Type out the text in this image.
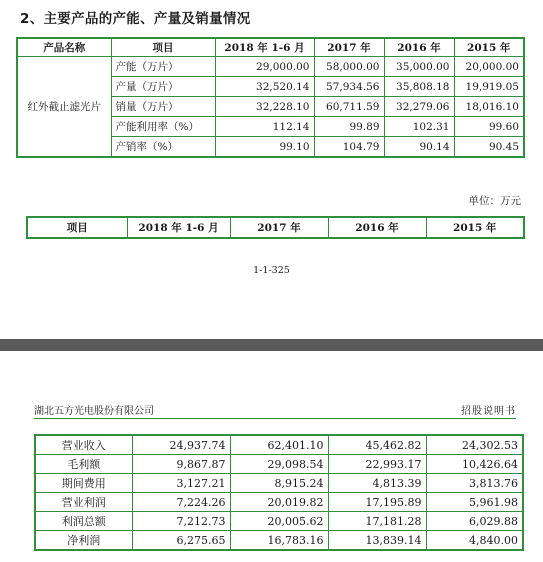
2、主要产品的产能、产量及销量情况
产品名称	项目	2018 年 1-6 月	2017 年	2016 年	2015 年
红外截止滤光片	产能（万片）	29,000.00	58,000.00	35,000.00	20,000.00
	产量（万片）	32,520.14	57,934.56	35,808.18	19,919.05
	销量（万片）	32,228.10	60,711.59	32,279.06	18,016.10
	产能利用率（%）	112.14	99.89	102.31	99.60
	产销率（%）	99.10	104.79	90.14	90.45
单位：万元
项目	2018 年 1-6 月	2017 年	2016 年	2015 年
1-1-325
湖北五方光电股份有限公司	招股说明书
营业收入	24,937.74	62,401.10	45,462.82	24,302.53
毛利额	9,867.87	29,098.54	22,993.17	10,426.64
期间费用	3,127.21	8,915.24	4,813.39	3,813.76
营业利润	7,224.26	20,019.82	17,195.89	5,961.98
利润总额	7,212.73	20,005.62	17,181.28	6,029.88
净利润	6,275.65	16,783.16	13,839.14	4,840.00
